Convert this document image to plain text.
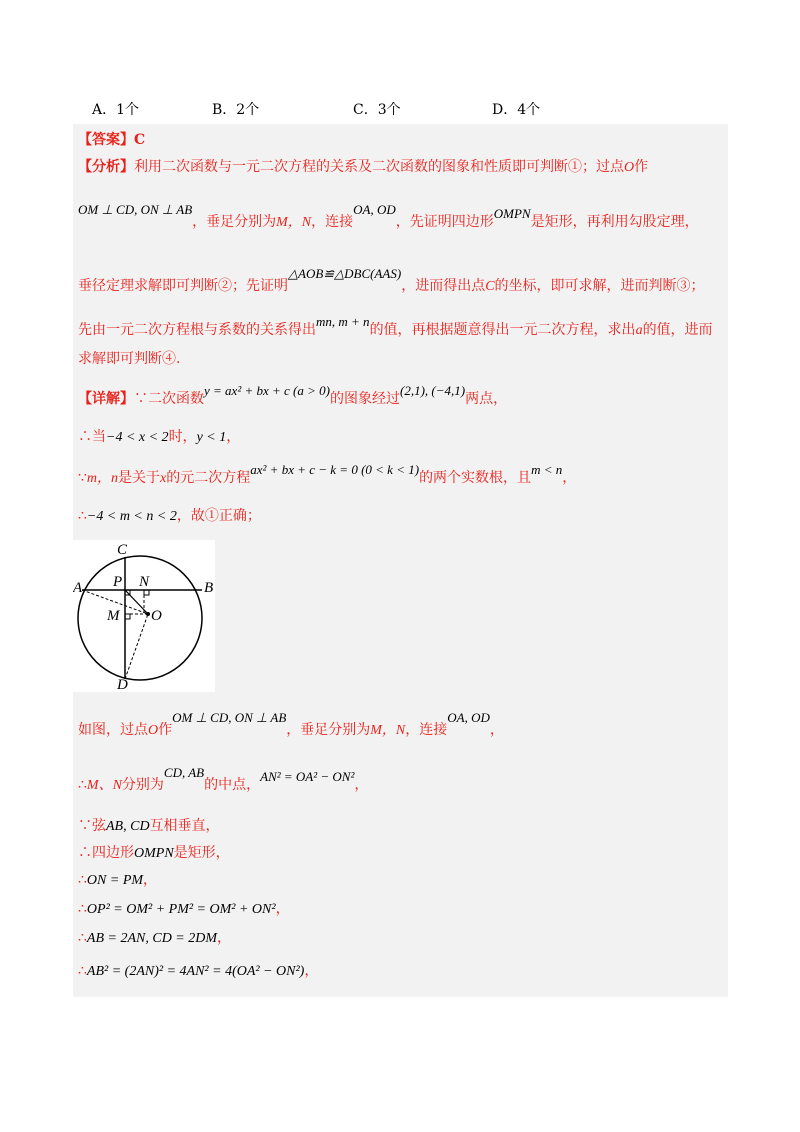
A．1个	B．2个	C．3个	D．4个
【答案】C
【分析】利用二次函数与一元二次方程的关系及二次函数的图象和性质即可判断①；过点O作
OM ⊥ CD, ON ⊥ AB，垂足分别为M，N，连接OA, OD，先证明四边形OMPN是矩形，再利用勾股定理，
垂径定理求解即可判断②；先证明△AOB≌△DBC(AAS)，进而得出点C的坐标，即可求解，进而判断③；
先由一元二次方程根与系数的关系得出mn, m + n的值，再根据题意得出一元二次方程，求出a的值，进而
求解即可判断④.
【详解】∵二次函数y = ax² + bx + c (a > 0)的图象经过(2,1), (−4,1)两点，
∴当−4 < x < 2时，y < 1，
∵m，n是关于x的元二次方程ax² + bx + c − k = 0 (0 < k < 1)的两个实数根，且m < n，
∴−4 < m < n < 2，故①正确；
C
P N
A	B
M O
D
如图，过点O作OM ⊥ CD, ON ⊥ AB，垂足分别为M，N，连接OA, OD，
∴M、N分别为CD, AB的中点，AN² = OA² − ON²，
∵弦AB, CD互相垂直，
∴四边形OMPN是矩形，
∴ON = PM，
∴OP² = OM² + PM² = OM² + ON²，
∴AB = 2AN, CD = 2DM，
∴AB² = (2AN)² = 4AN² = 4(OA² − ON²)，
